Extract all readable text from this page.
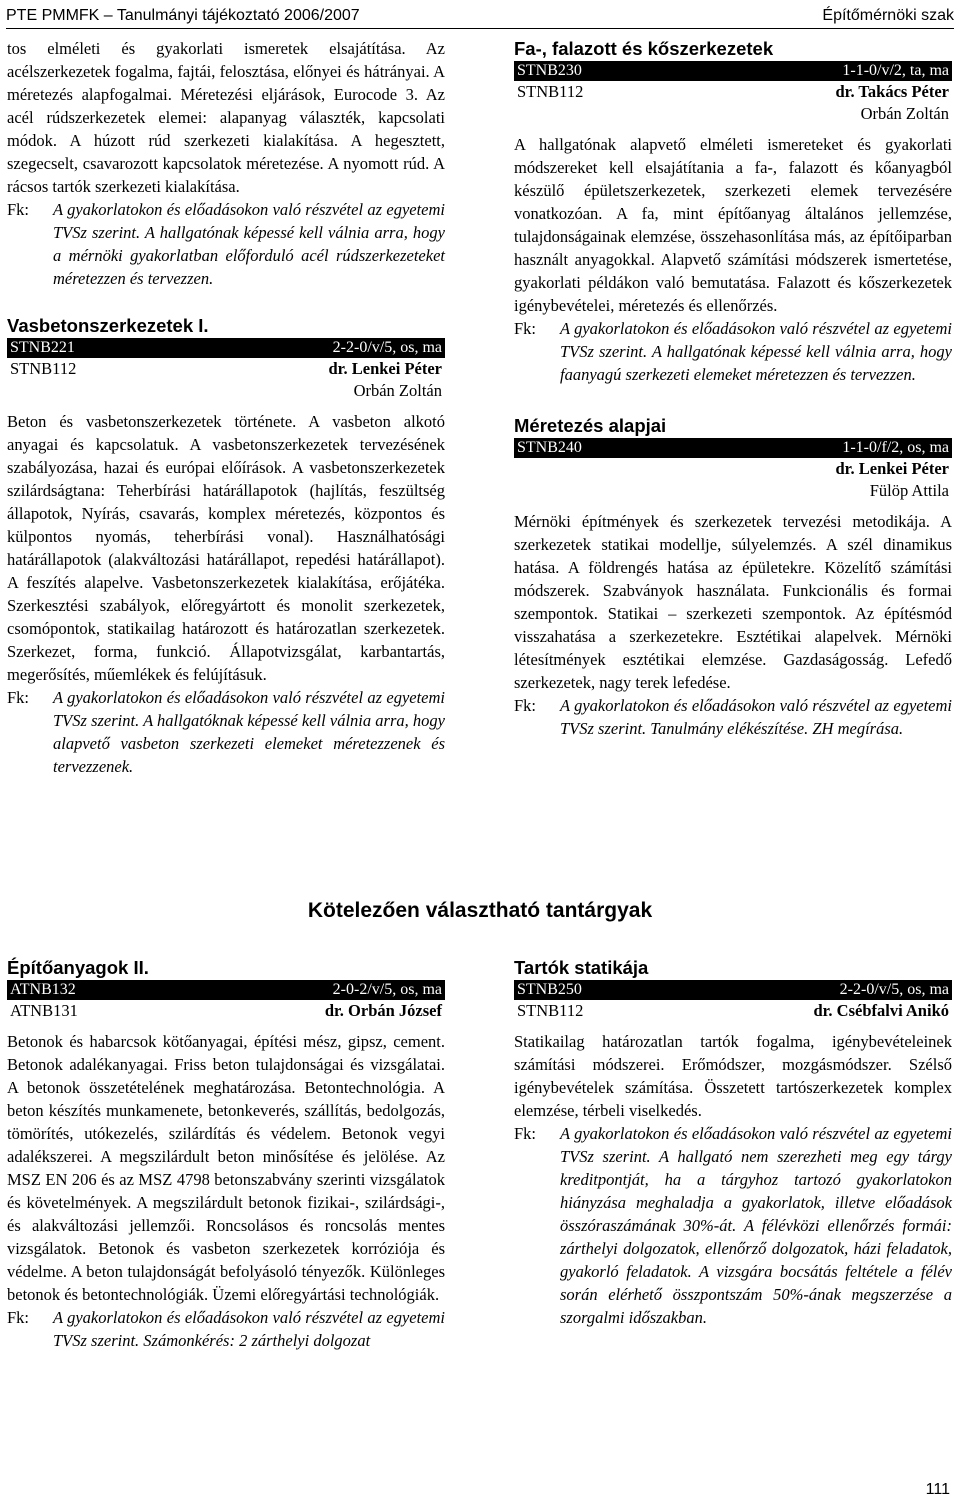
PTE PMMFK – Tanulmányi tájékoztató 2006/2007	Építőmérnöki szak

tos elméleti és gyakorlati ismeretek elsajátítása. Az acélszerkezetek fogalma, fajtái, felosztása, előnyei és hátrányai. A méretezés alapfogalmai. Méretezési eljárások, Eurocode 3. Az acél rúdszerkezetek elemei: alapanyag választék, kapcsolati módok. A húzott rúd szerkezeti kialakítása. A hegesztett, szegecselt, csavarozott kapcsolatok méretezése. A nyomott rúd. A rácsos tartók szerkezeti kialakítása.

Fk:	A gyakorlatokon és előadásokon való részvétel az egyetemi TVSz szerint. A hallgatónak képessé kell válnia arra, hogy a mérnöki gyakorlatban előforduló acél rúdszerkezeteket méretezzen és tervezzen.
Vasbetonszerkezetek I.
STNB221	2-2-0/v/5, os, ma
STNB112	dr. Lenkei Péter
Orbán Zoltán

Beton és vasbetonszerkezetek története. A vasbeton alkotó anyagai és kapcsolatuk. A vasbetonszerkezetek tervezésének szabályozása, hazai és európai előírások. A vasbetonszerkezetek szilárdságtana: Teherbírási határállapotok (hajlítás, feszültség állapotok, Nyírás, csavarás, komplex méretezés, központos és külpontos nyomás, teherbírási vonal). Használhatósági határállapotok (alakváltozási határállapot, repedési határállapot). A feszítés alapelve. Vasbetonszerkezetek kialakítása, erőjátéka. Szerkesztési szabályok, előregyártott és monolit szerkezetek, csomópontok, statikailag határozott és határozatlan szerkezetek. Szerkezet, forma, funkció. Állapotvizsgálat, karbantartás, megerősítés, műemlékek és felújításuk.

Fk:	A gyakorlatokon és előadásokon való részvétel az egyetemi TVSz szerint. A hallgatóknak képessé kell válnia arra, hogy alapvető vasbeton szerkezeti elemeket méretezzenek és tervezzenek.
Fa-, falazott és kőszerkezetek
STNB230	1-1-0/v/2, ta, ma
STNB112	dr. Takács Péter
Orbán Zoltán

A hallgatónak alapvető elméleti ismereteket és gyakorlati módszereket kell elsajátítania a fa-, falazott és kőanyagból készülő épületszerkezetek, szerkezeti elemek tervezésére vonatkozóan. A fa, mint építőanyag általános jellemzése, tulajdonságainak elemzése, összehasonlítása más, az építőiparban használt anyagokkal. Alapvető számítási módszerek ismertetése, gyakorlati példákon való bemutatása. Falazott és kőszerkezetek igénybevételei, méretezés és ellenőrzés.

Fk:	A gyakorlatokon és előadásokon való részvétel az egyetemi TVSz szerint. A hallgatónak képessé kell válnia arra, hogy faanyagú szerkezeti elemeket méretezzen és tervezzen.
Méretezés alapjai
STNB240	1-1-0/f/2, os, ma
dr. Lenkei Péter
Fülöp Attila

Mérnöki építmények és szerkezetek tervezési metodikája. A szerkezetek statikai modellje, súlyelemzés. A szél dinamikus hatása. A földrengés hatása az épületekre. Közelítő számítási módszerek. Szabványok használata. Funkcionális és formai szempontok. Statikai – szerkezeti szempontok. Az építésmód visszahatása a szerkezetekre. Esztétikai alapelvek. Mérnöki létesítmények esztétikai elemzése. Gazdaságosság. Lefedő szerkezetek, nagy terek lefedése.

Fk:	A gyakorlatokon és előadásokon való részvétel az egyetemi TVSz szerint. Tanulmány elékészítése. ZH megírása.
Kötelezően választható tantárgyak
Építőanyagok II.
ATNB132	2-0-2/v/5, os, ma
ATNB131	dr. Orbán József

Betonok és habarcsok kötőanyagai, építési mész, gipsz, cement. Betonok adalékanyagai. Friss beton tulajdonságai és vizsgálatai. A betonok összetételének meghatározása. Betontechnológia. A beton készítés munkamenete, betonkeverés, szállítás, bedolgozás, tömörítés, utókezelés, szilárdítás és védelem. Betonok vegyi adalékszerei. A megszilárdult beton minősítése és jelölése. Az MSZ EN 206 és az MSZ 4798 betonszabvány szerinti vizsgálatok és követelmények. A megszilárdult betonok fizikai-, szilárdsági-, és alakváltozási jellemzői. Roncsolásos és roncsolás mentes vizsgálatok. Betonok és vasbeton szerkezetek korróziója és védelme. A beton tulajdonságát befolyásoló tényezők. Különleges betonok és betontechnológiák. Üzemi előregyártási technológiák.

Fk:	A gyakorlatokon és előadásokon való részvétel az egyetemi TVSz szerint. Számonkérés: 2 zárthelyi dolgozat
Tartók statikája
STNB250	2-2-0/v/5, os, ma
STNB112	dr. Csébfalvi Anikó

Statikailag határozatlan tartók fogalma, igénybevételeinek számítási módszerei. Erőmódszer, mozgásmódszer. Szélső igénybevételek számítása. Összetett tartószerkezetek komplex elemzése, térbeli viselkedés.

Fk:	A gyakorlatokon és előadásokon való részvétel az egyetemi TVSz szerint. A hallgató nem szerezheti meg egy tárgy kreditpontját, ha a tárgyhoz tartozó gyakorlatokon hiányzása meghaladja a gyakorlatok, illetve előadások összóraszámának 30%-át. A félévközi ellenőrzés formái: zárthelyi dolgozatok, ellenőrző dolgozatok, házi feladatok, gyakorló feladatok. A vizsgára bocsátás feltétele a félév során elérhető összpontszám 50%-ának megszerzése a szorgalmi időszakban.
111
